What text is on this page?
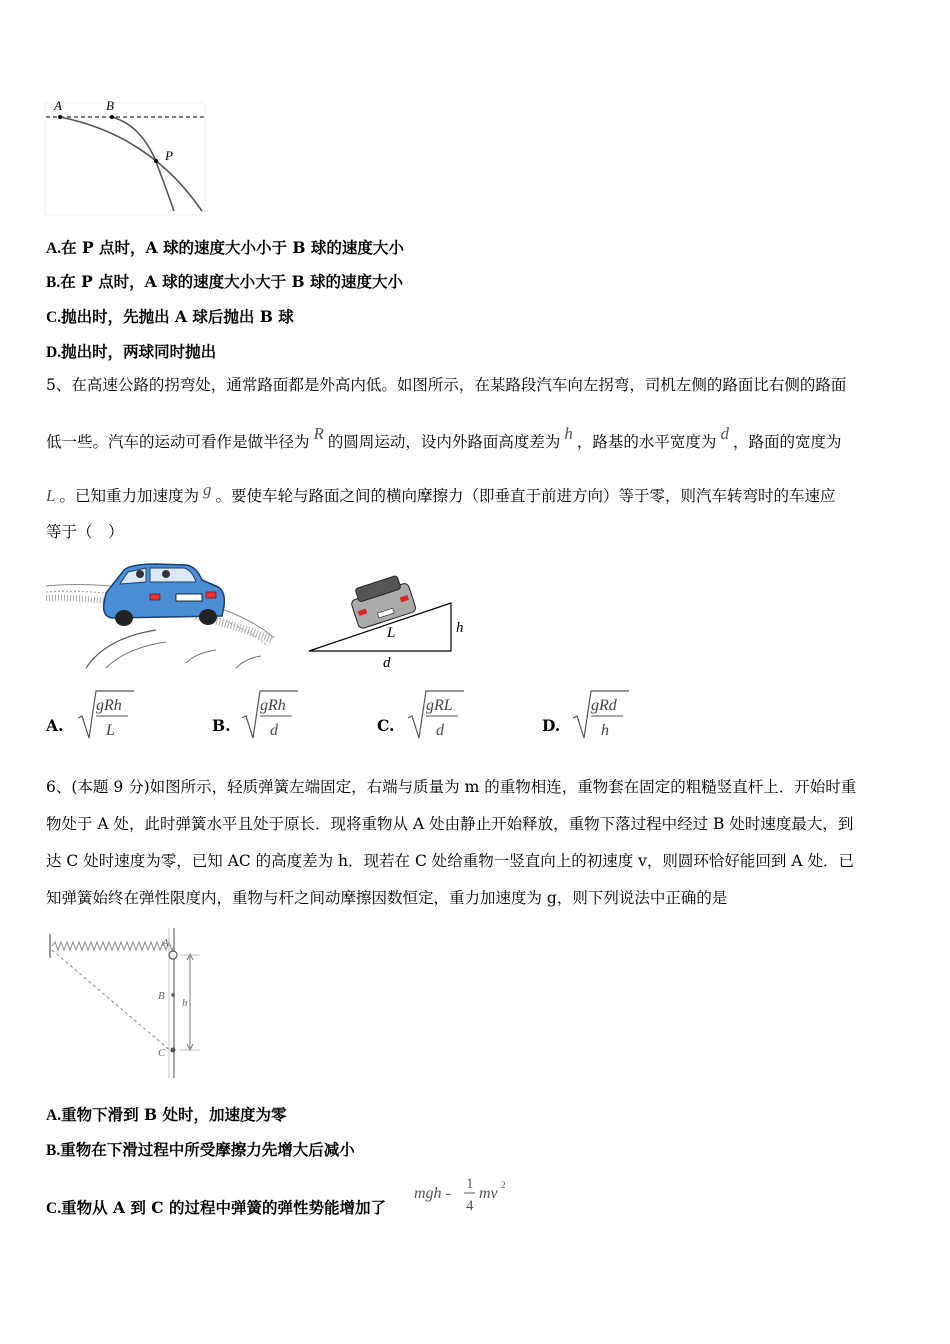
A	B
P
A.在 P 点时，A 球的速度大小小于 B 球的速度大小
B.在 P 点时，A 球的速度大小大于 B 球的速度大小
C.抛出时，先抛出 A 球后抛出 B 球
D.抛出时，两球同时抛出
5、在高速公路的拐弯处，通常路面都是外高内低。如图所示，在某路段汽车向左拐弯，司机左侧的路面比右侧的路面
低一些。汽车的运动可看作是做半径为 R 的圆周运动，设内外路面高度差为 h ，路基的水平宽度为 d ，路面的宽度为
L 。已知重力加速度为 g 。要使车轮与路面之间的横向摩擦力（即垂直于前进方向）等于零，则汽车转弯时的车速应
等于（　）
L	h
d
A.
gRh
L	B.
gRh
d	C.
gRL
d	D.
gRd
h
6、(本题 9 分)如图所示，轻质弹簧左端固定，右端与质量为 m 的重物相连，重物套在固定的粗糙竖直杆上．开始时重
物处于 A 处，此时弹簧水平且处于原长．现将重物从 A 处由静止开始释放，重物下落过程中经过 B 处时速度最大，到
达 C 处时速度为零，已知 AC 的高度差为 h．现若在 C 处给重物一竖直向上的初速度 v，则圆环恰好能回到 A 处．已
知弹簧始终在弹性限度内，重物与杆之间动摩擦因数恒定，重力加速度为 g，则下列说法中正确的是
A
B
C
h
A.重物下滑到 B 处时，加速度为零
B.重物在下滑过程中所受摩擦力先增大后减小
C.重物从 A 到 C 的过程中弹簧的弹性势能增加了
mgh -
1
4
mv 2
